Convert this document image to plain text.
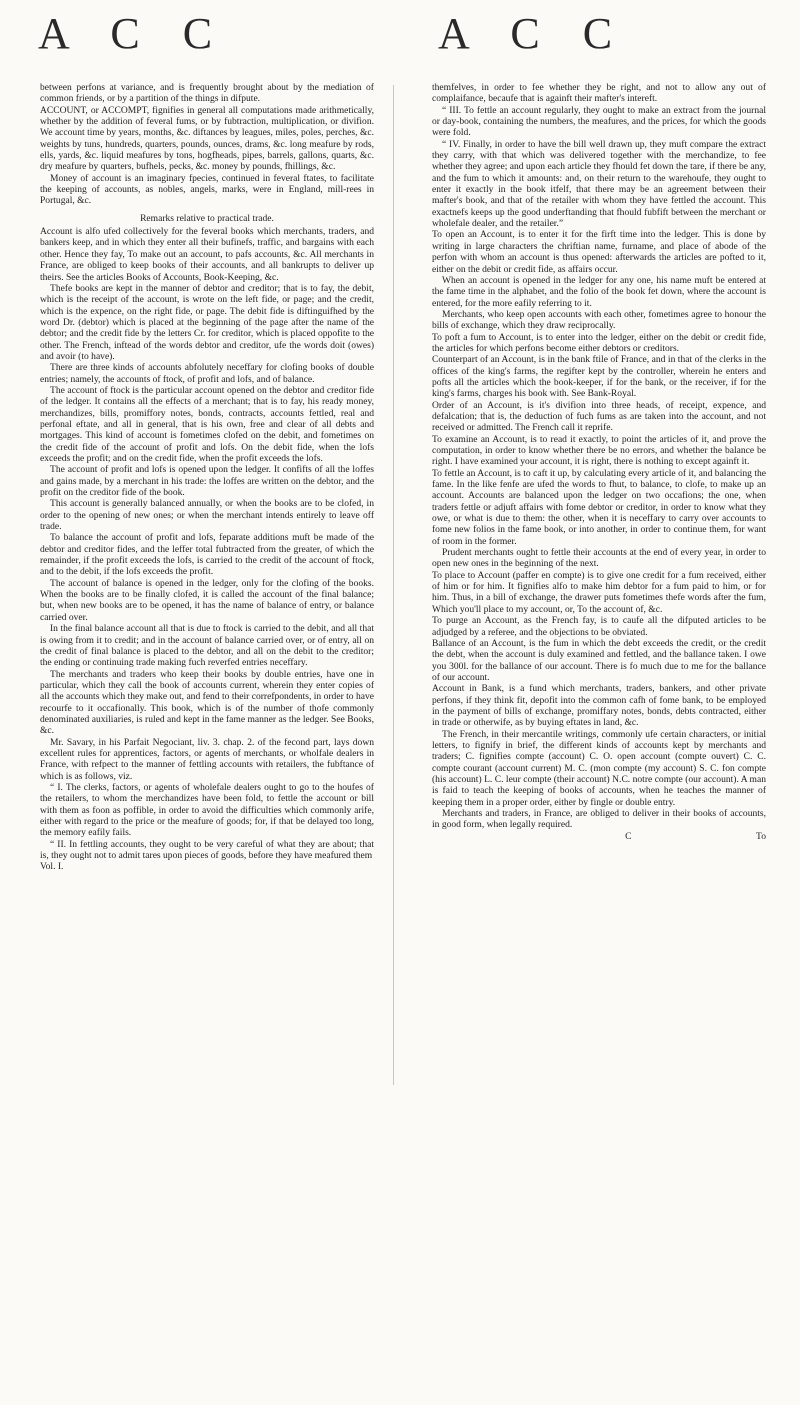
A C C	A C C

between perfons at variance, and is frequently brought about by the mediation of common friends, or by a partition of the things in difpute.

ACCOUNT, or ACCOMPT, fignifies in general all computations made arithmetically, whether by the addition of feveral fums, or by fubtraction, multiplication, or divifion. We account time by years, months, &c. diftances by leagues, miles, poles, perches, &c. weights by tuns, hundreds, quarters, pounds, ounces, drams, &c. long meafure by rods, ells, yards, &c. liquid meafures by tons, hogfheads, pipes, barrels, gallons, quarts, &c. dry meafure by quarters, bufhels, pecks, &c. money by pounds, fhillings, &c.

Money of account is an imaginary fpecies, continued in feveral ftates, to facilitate the keeping of accounts, as nobles, angels, marks, were in England, mill-rees in Portugal, &c.

Remarks relative to practical trade.

Account is alfo ufed collectively for the feveral books which merchants, traders, and bankers keep, and in which they enter all their bufinefs, traffic, and bargains with each other. Hence they fay, To make out an account, to pafs accounts, &c. All merchants in France, are obliged to keep books of their accounts, and all bankrupts to deliver up theirs. See the articles Books of Accounts, Book-Keeping, &c.

Thefe books are kept in the manner of debtor and creditor; that is to fay, the debit, which is the receipt of the account, is wrote on the left fide, or page; and the credit, which is the expence, on the right fide, or page. The debit fide is diftinguifhed by the word Dr. (debtor) which is placed at the beginning of the page after the name of the debtor; and the credit fide by the letters Cr. for creditor, which is placed oppofite to the other. The French, inftead of the words debtor and creditor, ufe the words doit (owes) and avoir (to have).

There are three kinds of accounts abfolutely neceffary for clofing books of double entries; namely, the accounts of ftock, of profit and lofs, and of balance.

The account of ftock is the particular account opened on the debtor and creditor fide of the ledger. It contains all the effects of a merchant; that is to fay, his ready money, merchandizes, bills, promiffory notes, bonds, contracts, accounts fettled, real and perfonal eftate, and all in general, that is his own, free and clear of all debts and mortgages. This kind of account is fometimes clofed on the debit, and fometimes on the credit fide of the account of profit and lofs. On the debit fide, when the lofs exceeds the profit; and on the credit fide, when the profit exceeds the lofs.

The account of profit and lofs is opened upon the ledger. It confifts of all the loffes and gains made, by a merchant in his trade: the loffes are written on the debtor, and the profit on the creditor fide of the book.

This account is generally balanced annually, or when the books are to be clofed, in order to the opening of new ones; or when the merchant intends entirely to leave off trade.

To balance the account of profit and lofs, feparate additions muft be made of the debtor and creditor fides, and the leffer total fubtracted from the greater, of which the remainder, if the profit exceeds the lofs, is carried to the credit of the account of ftock, and to the debit, if the lofs exceeds the profit.

The account of balance is opened in the ledger, only for the clofing of the books. When the books are to be finally clofed, it is called the account of the final balance; but, when new books are to be opened, it has the name of balance of entry, or balance carried over.

In the final balance account all that is due to ftock is carried to the debit, and all that is owing from it to credit; and in the account of balance carried over, or of entry, all on the credit of final balance is placed to the debtor, and all on the debit to the creditor; the ending or continuing trade making fuch reverfed entries neceffary.

The merchants and traders who keep their books by double entries, have one in particular, which they call the book of accounts current, wherein they enter copies of all the accounts which they make out, and fend to their correfpondents, in order to have recourfe to it occafionally. This book, which is of the number of thofe commonly denominated auxiliaries, is ruled and kept in the fame manner as the ledger. See Books, &c.

Mr. Savary, in his Parfait Negociant, liv. 3. chap. 2. of the fecond part, lays down excellent rules for apprentices, factors, or agents of merchants, or wholfale dealers in France, with refpect to the manner of fettling accounts with retailers, the fubftance of which is as follows, viz.

“ I. The clerks, factors, or agents of wholefale dealers ought to go to the houfes of the retailers, to whom the merchandizes have been fold, to fettle the account or bill with them as foon as poffible, in order to avoid the difficulties which commonly arife, either with regard to the price or the meafure of goods; for, if that be delayed too long, the memory eafily fails.

“ II. In fettling accounts, they ought to be very careful of what they are about; that is, they ought not to admit tares upon pieces of goods, before they have meafured them

Vol. I.

themfelves, in order to fee whether they be right, and not to allow any out of complaifance, becaufe that is againft their mafter's intereft.

“ III. To fettle an account regularly, they ought to make an extract from the journal or day-book, containing the numbers, the meafures, and the prices, for which the goods were fold.

“ IV. Finally, in order to have the bill well drawn up, they muft compare the extract they carry, with that which was delivered together with the merchandize, to fee whether they agree; and upon each article they fhould fet down the tare, if there be any, and the fum to which it amounts: and, on their return to the warehoufe, they ought to enter it exactly in the book itfelf, that there may be an agreement between their mafter's book, and that of the retailer with whom they have fettled the account. This exactnefs keeps up the good underftanding that fhould fubfift between the merchant or wholefale dealer, and the retailer.”

To open an Account, is to enter it for the firft time into the ledger. This is done by writing in large characters the chriftian name, furname, and place of abode of the perfon with whom an account is thus opened: afterwards the articles are pofted to it, either on the debit or credit fide, as affairs occur.

When an account is opened in the ledger for any one, his name muft be entered at the fame time in the alphabet, and the folio of the book fet down, where the account is entered, for the more eafily referring to it.

Merchants, who keep open accounts with each other, fometimes agree to honour the bills of exchange, which they draw reciprocally.

To poft a fum to Account, is to enter into the ledger, either on the debit or credit fide, the articles for which perfons become either debtors or creditors.

Counterpart of an Account, is in the bank ftile of France, and in that of the clerks in the offices of the king's farms, the regifter kept by the controller, wherein he enters and pofts all the articles which the book-keeper, if for the bank, or the receiver, if for the king's farms, charges his book with. See Bank-Royal.

Order of an Account, is it's divifion into three heads, of receipt, expence, and defalcation; that is, the deduction of fuch fums as are taken into the account, and not received or admitted. The French call it reprife.

To examine an Account, is to read it exactly, to point the articles of it, and prove the computation, in order to know whether there be no errors, and whether the balance be right. I have examined your account, it is right, there is nothing to except againft it.

To fettle an Account, is to caft it up, by calculating every article of it, and balancing the fame. In the like fenfe are ufed the words to fhut, to balance, to clofe, to make up an account. Accounts are balanced upon the ledger on two occafions; the one, when traders fettle or adjuft affairs with fome debtor or creditor, in order to know what they owe, or what is due to them: the other, when it is neceffary to carry over accounts to fome new folios in the fame book, or into another, in order to continue them, for want of room in the former.

Prudent merchants ought to fettle their accounts at the end of every year, in order to open new ones in the beginning of the next.

To place to Account (paffer en compte) is to give one credit for a fum received, either of him or for him. It fignifies alfo to make him debtor for a fum paid to him, or for him. Thus, in a bill of exchange, the drawer puts fometimes thefe words after the fum, Which you'll place to my account, or, To the account of, &c.

To purge an Account, as the French fay, is to caufe all the difputed articles to be adjudged by a referee, and the objections to be obviated.

Ballance of an Account, is the fum in which the debt exceeds the credit, or the credit the debt, when the account is duly examined and fettled, and the ballance taken. I owe you 300l. for the ballance of our account. There is fo much due to me for the ballance of our account.

Account in Bank, is a fund which merchants, traders, bankers, and other private perfons, if they think fit, depofit into the common cafh of fome bank, to be employed in the payment of bills of exchange, promiffary notes, bonds, debts contracted, either in trade or otherwife, as by buying eftates in land, &c.

The French, in their mercantile writings, commonly ufe certain characters, or initial letters, to fignify in brief, the different kinds of accounts kept by merchants and traders; C. fignifies compte (account) C. O. open account (compte ouvert) C. C. compte courant (account current) M. C. (mon compte (my account) S. C. fon compte (his account) L. C. leur compte (their account) N.C. notre compte (our account). A man is faid to teach the keeping of books of accounts, when he teaches the manner of keeping them in a proper order, either by fingle or double entry.

Merchants and traders, in France, are obliged to deliver in their books of accounts, in good form, when legally required.

C	To
